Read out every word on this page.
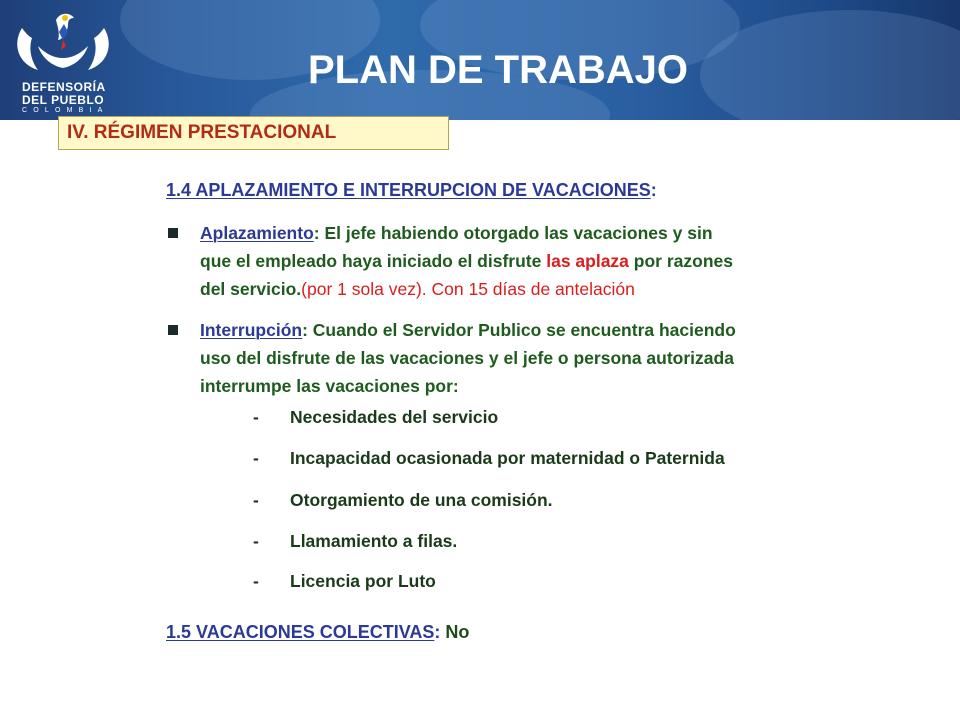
DEFENSORÍA
DEL PUEBLO
COLOMBIA
PLAN DE TRABAJO
IV. RÉGIMEN PRESTACIONAL
1.4 APLAZAMIENTO E INTERRUPCION DE VACACIONES:
Aplazamiento: El jefe habiendo otorgado las vacaciones y sin
que el empleado haya iniciado el disfrute las aplaza por razones
del servicio.(por 1 sola vez). Con 15 días de antelación
Interrupción: Cuando el Servidor Publico se encuentra haciendo
uso del disfrute de las vacaciones y el jefe o persona autorizada
interrumpe las vacaciones por:
- Necesidades del servicio
- Incapacidad ocasionada por maternidad o Paternida
- Otorgamiento de una comisión.
- Llamamiento a filas.
- Licencia por Luto
1.5 VACACIONES COLECTIVAS: No
